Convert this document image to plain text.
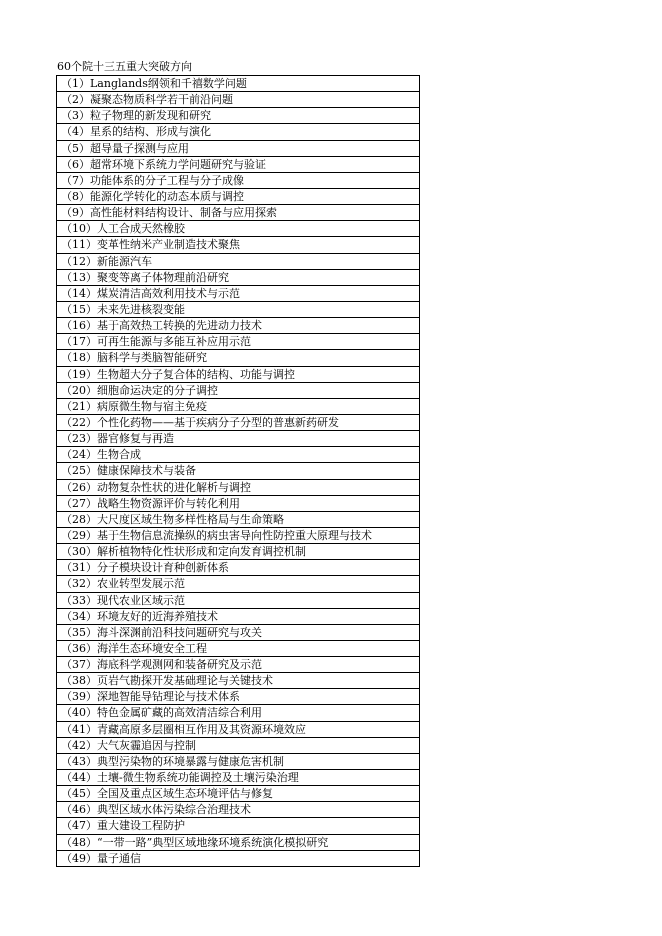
60个院十三五重大突破方向
（1）Langlands纲领和千禧数学问题
（2）凝聚态物质科学若干前沿问题
（3）粒子物理的新发现和研究
（4）星系的结构、形成与演化
（5）超导量子探测与应用
（6）超常环境下系统力学问题研究与验证
（7）功能体系的分子工程与分子成像
（8）能源化学转化的动态本质与调控
（9）高性能材料结构设计、制备与应用探索
（10）人工合成天然橡胶
（11）变革性纳米产业制造技术聚焦
（12）新能源汽车
（13）聚变等离子体物理前沿研究
（14）煤炭清洁高效利用技术与示范
（15）未来先进核裂变能
（16）基于高效热工转换的先进动力技术
（17）可再生能源与多能互补应用示范
（18）脑科学与类脑智能研究
（19）生物超大分子复合体的结构、功能与调控
（20）细胞命运决定的分子调控
（21）病原微生物与宿主免疫
（22）个性化药物——基于疾病分子分型的普惠新药研发
（23）器官修复与再造
（24）生物合成
（25）健康保障技术与装备
（26）动物复杂性状的进化解析与调控
（27）战略生物资源评价与转化利用
（28）大尺度区域生物多样性格局与生命策略
（29）基于生物信息流操纵的病虫害导向性防控重大原理与技术
（30）解析植物特化性状形成和定向发育调控机制
（31）分子模块设计育种创新体系
（32）农业转型发展示范
（33）现代农业区域示范
（34）环境友好的近海养殖技术
（35）海斗深渊前沿科技问题研究与攻关
（36）海洋生态环境安全工程
（37）海底科学观测网和装备研究及示范
（38）页岩气勘探开发基础理论与关键技术
（39）深地智能导钻理论与技术体系
（40）特色金属矿藏的高效清洁综合利用
（41）青藏高原多层圈相互作用及其资源环境效应
（42）大气灰霾追因与控制
（43）典型污染物的环境暴露与健康危害机制
（44）土壤-微生物系统功能调控及土壤污染治理
（45）全国及重点区域生态环境评估与修复
（46）典型区域水体污染综合治理技术
（47）重大建设工程防护
（48）“一带一路”典型区域地缘环境系统演化模拟研究
（49）量子通信
